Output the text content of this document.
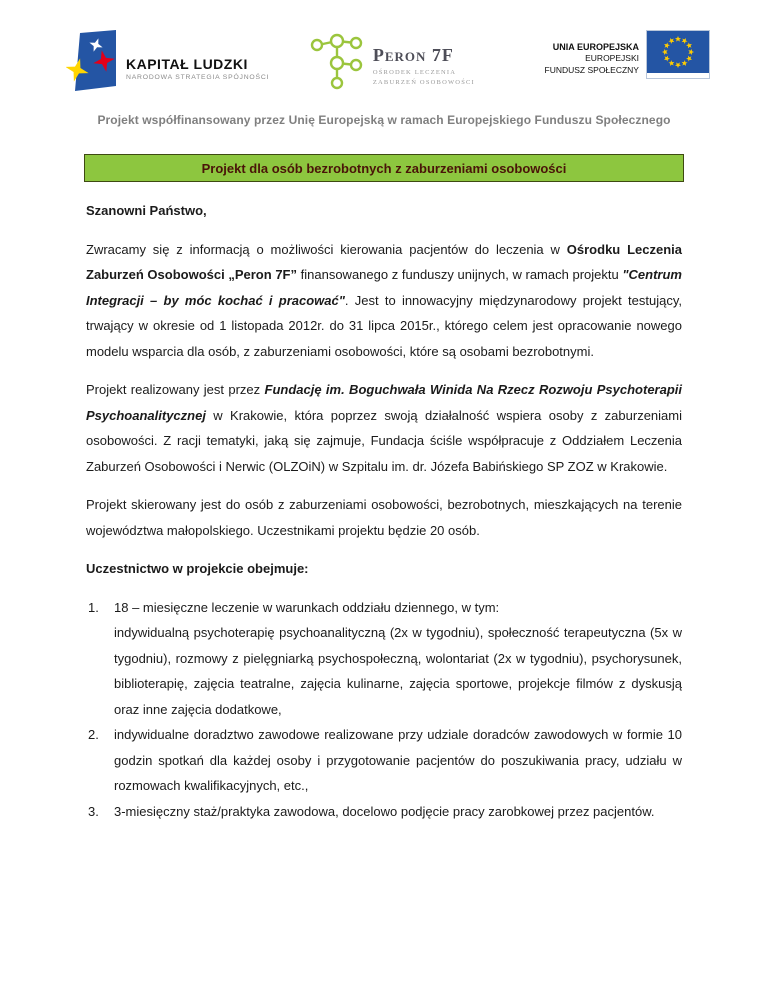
KAPITAŁ LUDZKI
NARODOWA STRATEGIA SPÓJNOŚCI
Peron 7F
OŚRODEK LECZENIA
ZABURZEŃ OSOBOWOŚCI
UNIA EUROPEJSKA
EUROPEJSKI
FUNDUSZ SPOŁECZNY
Projekt współfinansowany przez Unię Europejską w ramach Europejskiego Funduszu Społecznego
Projekt dla osób bezrobotnych z zaburzeniami osobowości
Szanowni Państwo,

Zwracamy się z informacją o możliwości kierowania pacjentów do leczenia w Ośrodku Leczenia Zaburzeń Osobowości „Peron 7F” finansowanego z funduszy unijnych, w ramach projektu "Centrum Integracji – by móc kochać i pracować". Jest to innowacyjny międzynarodowy projekt testujący, trwający w okresie od 1 listopada 2012r. do 31 lipca 2015r., którego celem jest opracowanie nowego modelu wsparcia dla osób, z zaburzeniami osobowości, które są osobami bezrobotnymi.

Projekt realizowany jest przez Fundację im. Boguchwała Winida Na Rzecz Rozwoju Psychoterapii Psychoanalitycznej w Krakowie, która poprzez swoją działalność wspiera osoby z zaburzeniami osobowości. Z racji tematyki, jaką się zajmuje, Fundacja ściśle współpracuje z Oddziałem Leczenia Zaburzeń Osobowości i Nerwic (OLZOiN) w Szpitalu im. dr. Józefa Babińskiego SP ZOZ w Krakowie.

Projekt skierowany jest do osób z zaburzeniami osobowości, bezrobotnych, mieszkających na terenie województwa małopolskiego. Uczestnikami projektu będzie 20 osób.

Uczestnictwo w projekcie obejmuje:
1. 18 – miesięczne leczenie w warunkach oddziału dziennego, w tym:
indywidualną psychoterapię psychoanalityczną (2x w tygodniu), społeczność terapeutyczna (5x w tygodniu), rozmowy z pielęgniarką psychospołeczną, wolontariat (2x w tygodniu), psychorysunek, biblioterapię, zajęcia teatralne, zajęcia kulinarne, zajęcia sportowe, projekcje filmów z dyskusją oraz inne zajęcia dodatkowe,
2. indywidualne doradztwo zawodowe realizowane przy udziale doradców zawodowych w formie 10 godzin spotkań dla każdej osoby i przygotowanie pacjentów do poszukiwania pracy, udziału w rozmowach kwalifikacyjnych, etc.,
3. 3-miesięczny staż/praktyka zawodowa, docelowo podjęcie pracy zarobkowej przez pacjentów.
